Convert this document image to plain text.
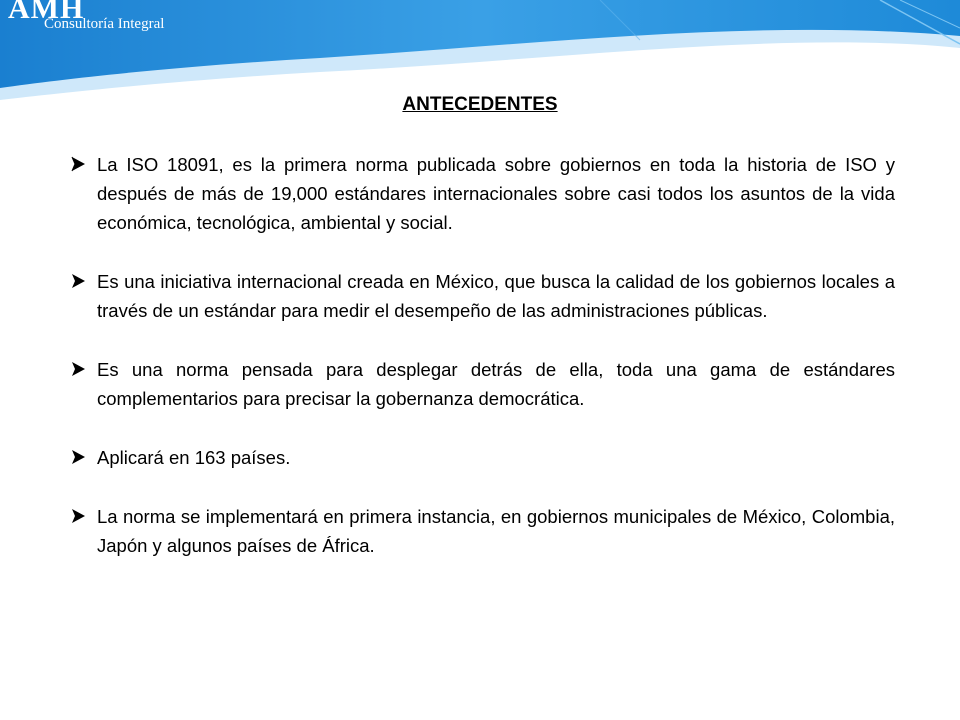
AMH
Consultoría Integral
ANTECEDENTES
La ISO 18091, es la primera norma publicada sobre gobiernos en toda la historia de ISO y después de más de 19,000 estándares internacionales sobre casi todos los asuntos de la vida económica, tecnológica, ambiental y social.
Es una iniciativa internacional creada en México, que busca la calidad de los gobiernos locales a través de un estándar para medir el desempeño de las administraciones públicas.
Es una norma pensada para desplegar detrás de ella, toda una gama de estándares complementarios para precisar la gobernanza democrática.
Aplicará en 163 países.
La norma se implementará en primera instancia, en gobiernos municipales de México, Colombia, Japón y algunos países de África.
